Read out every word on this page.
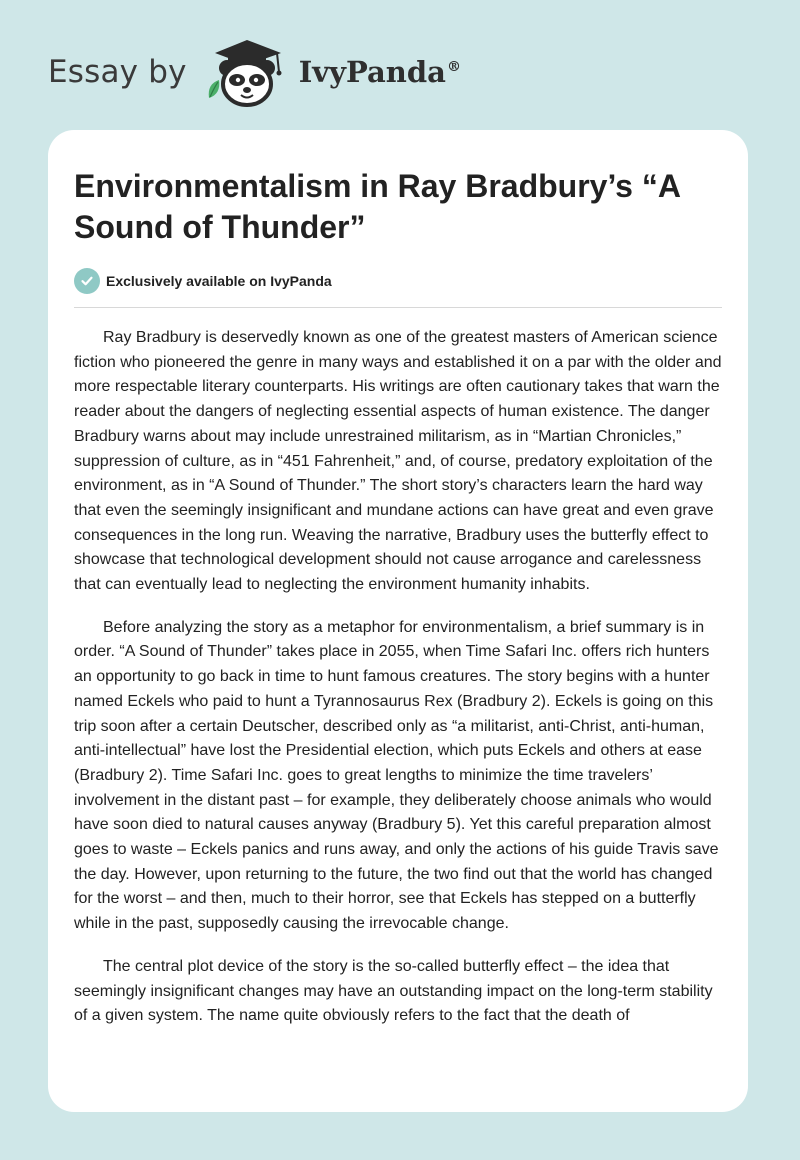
Essay by	IvyPanda®
Environmentalism in Ray Bradbury’s “A Sound of Thunder”
Exclusively available on IvyPanda

Ray Bradbury is deservedly known as one of the greatest masters of American science fiction who pioneered the genre in many ways and established it on a par with the older and more respectable literary counterparts. His writings are often cautionary takes that warn the reader about the dangers of neglecting essential aspects of human existence. The danger Bradbury warns about may include unrestrained militarism, as in “Martian Chronicles,” suppression of culture, as in “451 Fahrenheit,” and, of course, predatory exploitation of the environment, as in “A Sound of Thunder.” The short story’s characters learn the hard way that even the seemingly insignificant and mundane actions can have great and even grave consequences in the long run. Weaving the narrative, Bradbury uses the butterfly effect to showcase that technological development should not cause arrogance and carelessness that can eventually lead to neglecting the environment humanity inhabits.

Before analyzing the story as a metaphor for environmentalism, a brief summary is in order. “A Sound of Thunder” takes place in 2055, when Time Safari Inc. offers rich hunters an opportunity to go back in time to hunt famous creatures. The story begins with a hunter named Eckels who paid to hunt a Tyrannosaurus Rex (Bradbury 2). Eckels is going on this trip soon after a certain Deutscher, described only as “a militarist, anti-Christ, anti-human, anti-intellectual” have lost the Presidential election, which puts Eckels and others at ease (Bradbury 2). Time Safari Inc. goes to great lengths to minimize the time travelers’ involvement in the distant past – for example, they deliberately choose animals who would have soon died to natural causes anyway (Bradbury 5). Yet this careful preparation almost goes to waste – Eckels panics and runs away, and only the actions of his guide Travis save the day. However, upon returning to the future, the two find out that the world has changed for the worst – and then, much to their horror, see that Eckels has stepped on a butterfly while in the past, supposedly causing the irrevocable change.

The central plot device of the story is the so-called butterfly effect – the idea that seemingly insignificant changes may have an outstanding impact on the long-term stability of a given system. The name quite obviously refers to the fact that the death of
